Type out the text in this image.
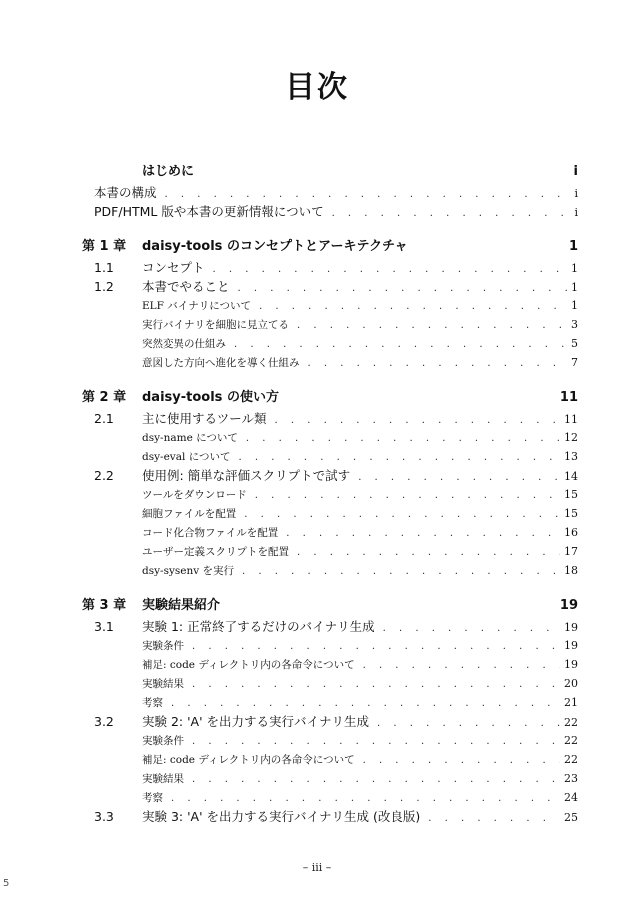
目次
はじめに	i
本書の構成 . . .	i
PDF/HTML 版や本書の更新情報について . . .	i
第 1 章	daisy-tools のコンセプトとアーキテクチャ	1
1.1	コンセプト . . .	1
1.2	本書でやること . . .	1
ELF バイナリについて . . .	1
実行バイナリを細胞に見立てる . . .	3
突然変異の仕組み . . .	5
意図した方向へ進化を導く仕組み . . .	7
第 2 章	daisy-tools の使い方	11
2.1	主に使用するツール類 . . .	11
dsy-name について . . .	12
dsy-eval について . . .	13
2.2	使用例: 簡単な評価スクリプトで試す . . .	14
ツールをダウンロード . . .	15
細胞ファイルを配置 . . .	15
コード化合物ファイルを配置 . . .	16
ユーザー定義スクリプトを配置 . . .	17
dsy-sysenv を実行 . . .	18
第 3 章	実験結果紹介	19
3.1	実験 1: 正常終了するだけのバイナリ生成 . . .	19
実験条件 . . .	19
補足: code ディレクトリ内の各命令について . . .	19
実験結果 . . .	20
考察 . . .	21
3.2	実験 2: 'A' を出力する実行バイナリ生成 . . .	22
実験条件 . . .	22
補足: code ディレクトリ内の各命令について . . .	22
実験結果 . . .	23
考察 . . .	24
3.3	実験 3: 'A' を出力する実行バイナリ生成 (改良版) . . .	25
– iii –
5
